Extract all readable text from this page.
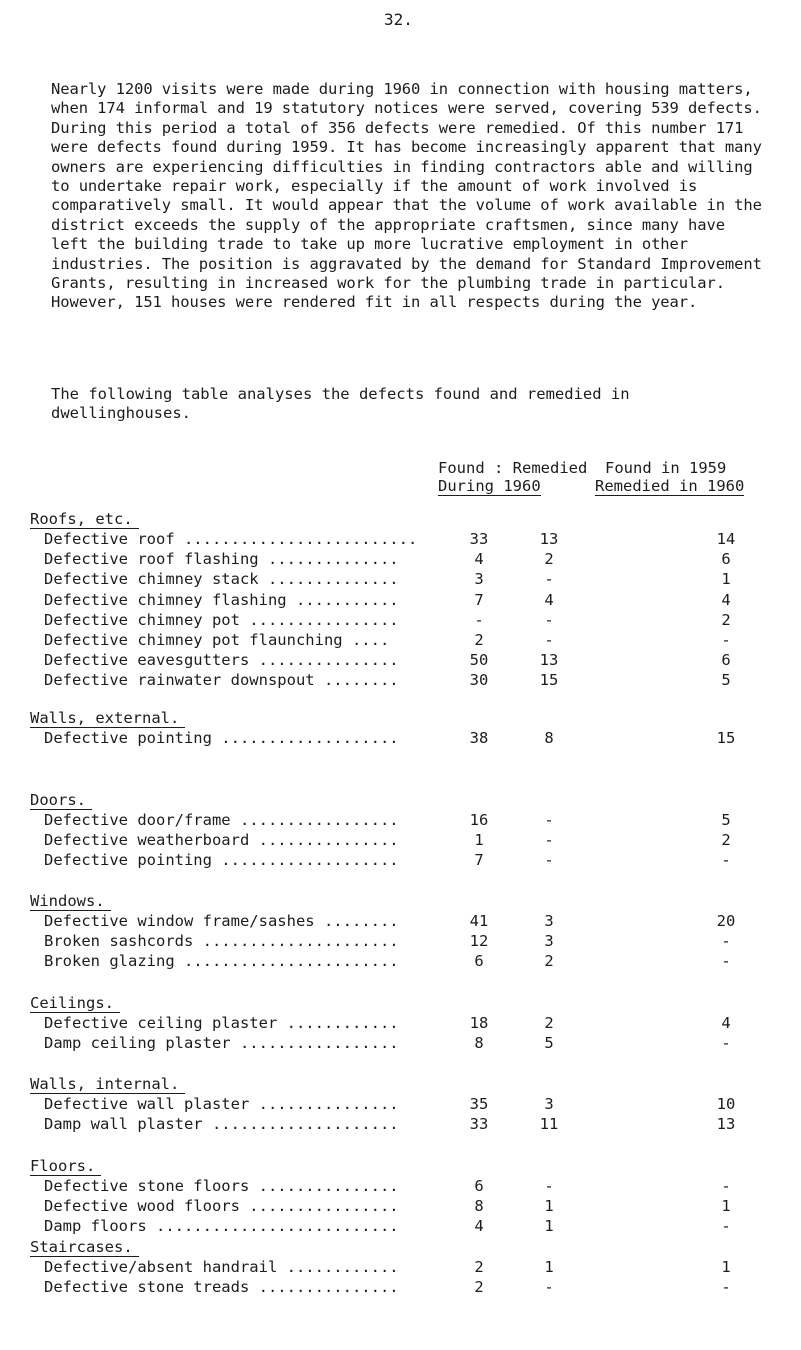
32.

Nearly 1200 visits were made during 1960 in connection with housing matters, when 174 informal and 19 statutory notices were served, covering 539 defects. During this period a total of 356 defects were remedied. Of this number 171 were defects found during 1959. It has become increasingly apparent that many owners are experiencing difficulties in finding contractors able and willing to undertake repair work, especially if the amount of work involved is comparatively small. It would appear that the volume of work available in the district exceeds the supply of the appropriate craftsmen, since many have left the building trade to take up more lucrative employment in other industries. The position is aggravated by the demand for Standard Improvement Grants, resulting in increased work for the plumbing trade in particular. However, 151 houses were rendered fit in all respects during the year.

The following table analyses the defects found and remedied in dwellinghouses.

Found : Remedied Found in 1959
During 1960	Remedied in 1960
Roofs, etc.
Defective roof .........................	33	13	14
Defective roof flashing ..............	4	2	6
Defective chimney stack ..............	3	-	1
Defective chimney flashing ...........	7	4	4
Defective chimney pot ................	-	-	2
Defective chimney pot flaunching ....	2	-	-
Defective eavesgutters ...............	50	13	6
Defective rainwater downspout ........	30	15	5
Walls, external.
Defective pointing ...................	38	8	15
Doors.
Defective door/frame .................	16	-	5
Defective weatherboard ...............	1	-	2
Defective pointing ...................	7	-	-
Windows.
Defective window frame/sashes ........	41	3	20
Broken sashcords .....................	12	3	-
Broken glazing .......................	6	2	-
Ceilings.
Defective ceiling plaster ............	18	2	4
Damp ceiling plaster .................	8	5	-
Walls, internal.
Defective wall plaster ...............	35	3	10
Damp wall plaster ....................	33	11	13
Floors.
Defective stone floors ...............	6	-	-
Defective wood floors ................	8	1	1
Damp floors ..........................	4	1	-
Staircases.
Defective/absent handrail ............	2	1	1
Defective stone treads ...............	2	-	-
